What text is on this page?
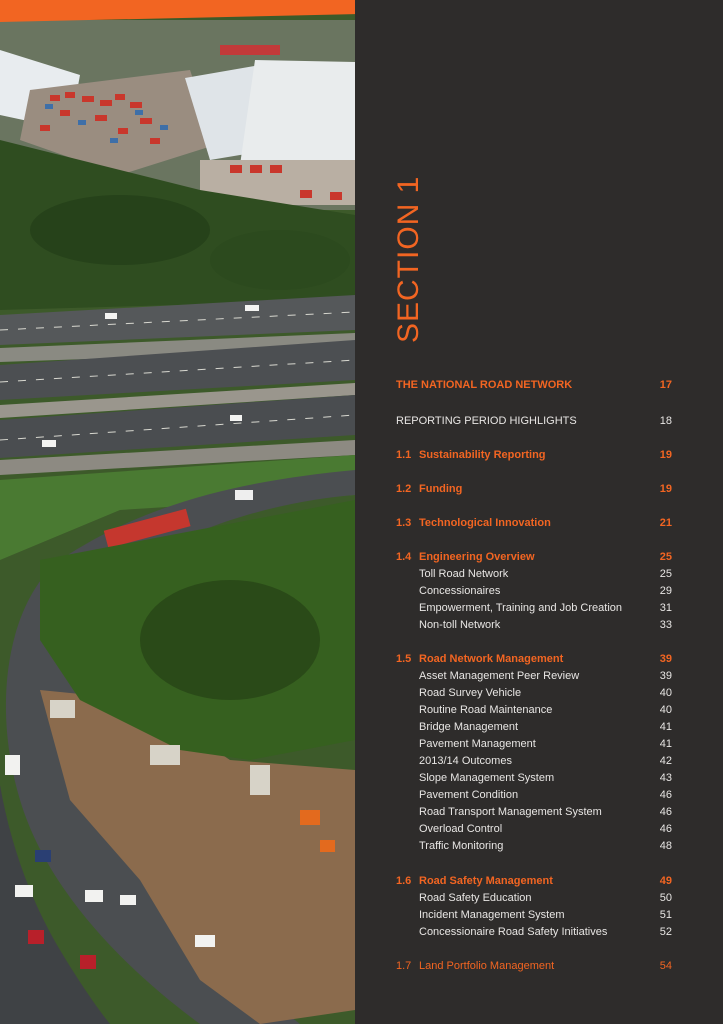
SECTION 1
THE NATIONAL ROAD NETWORK	17
REPORTING PERIOD HIGHLIGHTS	18
1.1 Sustainability Reporting	19
1.2 Funding	19
1.3 Technological Innovation	21
1.4 Engineering Overview	25
Toll Road Network	25
Concessionaires	29
Empowerment, Training and Job Creation	31
Non-toll Network	33
1.5 Road Network Management	39
Asset Management Peer Review	39
Road Survey Vehicle	40
Routine Road Maintenance	40
Bridge Management	41
Pavement Management	41
2013/14 Outcomes	42
Slope Management System	43
Pavement Condition	46
Road Transport Management System	46
Overload Control	46
Traffic Monitoring	48
1.6 Road Safety Management	49
Road Safety Education	50
Incident Management System	51
Concessionaire Road Safety Initiatives	52
1.7 Land Portfolio Management	54
